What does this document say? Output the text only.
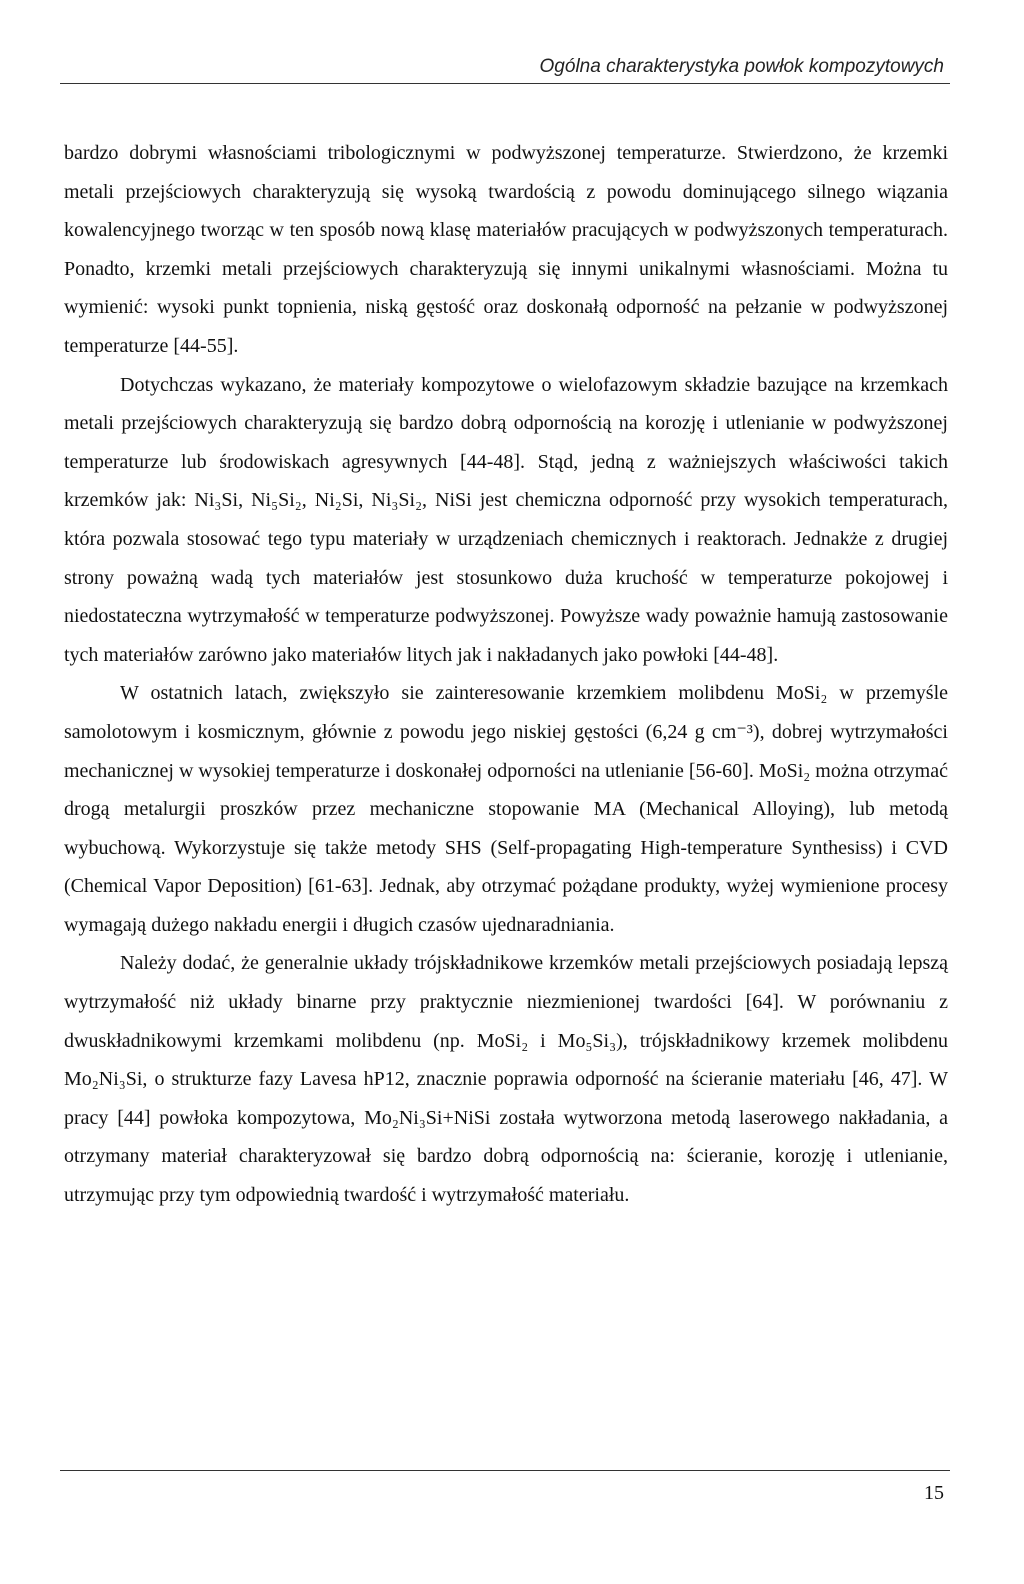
Ogólna charakterystyka powłok kompozytowych

bardzo dobrymi własnościami tribologicznymi w podwyższonej temperaturze. Stwierdzono, że krzemki metali przejściowych charakteryzują się wysoką twardością z powodu dominującego silnego wiązania kowalencyjnego tworząc w ten sposób nową klasę materiałów pracujących w podwyższonych temperaturach. Ponadto, krzemki metali przejściowych charakteryzują się innymi unikalnymi własnościami. Można tu wymienić: wysoki punkt topnienia, niską gęstość oraz doskonałą odporność na pełzanie w podwyższonej temperaturze [44-55].

Dotychczas wykazano, że materiały kompozytowe o wielofazowym składzie bazujące na krzemkach metali przejściowych charakteryzują się bardzo dobrą odpornością na korozję i utlenianie w podwyższonej temperaturze lub środowiskach agresywnych [44-48]. Stąd, jedną z ważniejszych właściwości takich krzemków jak: Ni₃Si, Ni₅Si₂, Ni₂Si, Ni₃Si₂, NiSi jest chemiczna odporność przy wysokich temperaturach, która pozwala stosować tego typu materiały w urządzeniach chemicznych i reaktorach. Jednakże z drugiej strony poważną wadą tych materiałów jest stosunkowo duża kruchość w temperaturze pokojowej i niedostateczna wytrzymałość w temperaturze podwyższonej. Powyższe wady poważnie hamują zastosowanie tych materiałów zarówno jako materiałów litych jak i nakładanych jako powłoki [44-48].

W ostatnich latach, zwiększyło sie zainteresowanie krzemkiem molibdenu MoSi₂ w przemyśle samolotowym i kosmicznym, głównie z powodu jego niskiej gęstości (6,24 g cm⁻³), dobrej wytrzymałości mechanicznej w wysokiej temperaturze i doskonałej odporności na utlenianie [56-60]. MoSi₂ można otrzymać drogą metalurgii proszków przez mechaniczne stopowanie MA (Mechanical Alloying), lub metodą wybuchową. Wykorzystuje się także metody SHS (Self-propagating High-temperature Synthesiss) i CVD (Chemical Vapor Deposition) [61-63]. Jednak, aby otrzymać pożądane produkty, wyżej wymienione procesy wymagają dużego nakładu energii i długich czasów ujednaradniania.

Należy dodać, że generalnie układy trójskładnikowe krzemków metali przejściowych posiadają lepszą wytrzymałość niż układy binarne przy praktycznie niezmienionej twardości [64]. W porównaniu z dwuskładnikowymi krzemkami molibdenu (np. MoSi₂ i Mo₅Si₃), trójskładnikowy krzemek molibdenu Mo₂Ni₃Si, o strukturze fazy Lavesa hP12, znacznie poprawia odporność na ścieranie materiału [46, 47]. W pracy [44] powłoka kompozytowa, Mo₂Ni₃Si+NiSi została wytworzona metodą laserowego nakładania, a otrzymany materiał charakteryzował się bardzo dobrą odpornością na: ścieranie, korozję i utlenianie, utrzymując przy tym odpowiednią twardość i wytrzymałość materiału.

15
